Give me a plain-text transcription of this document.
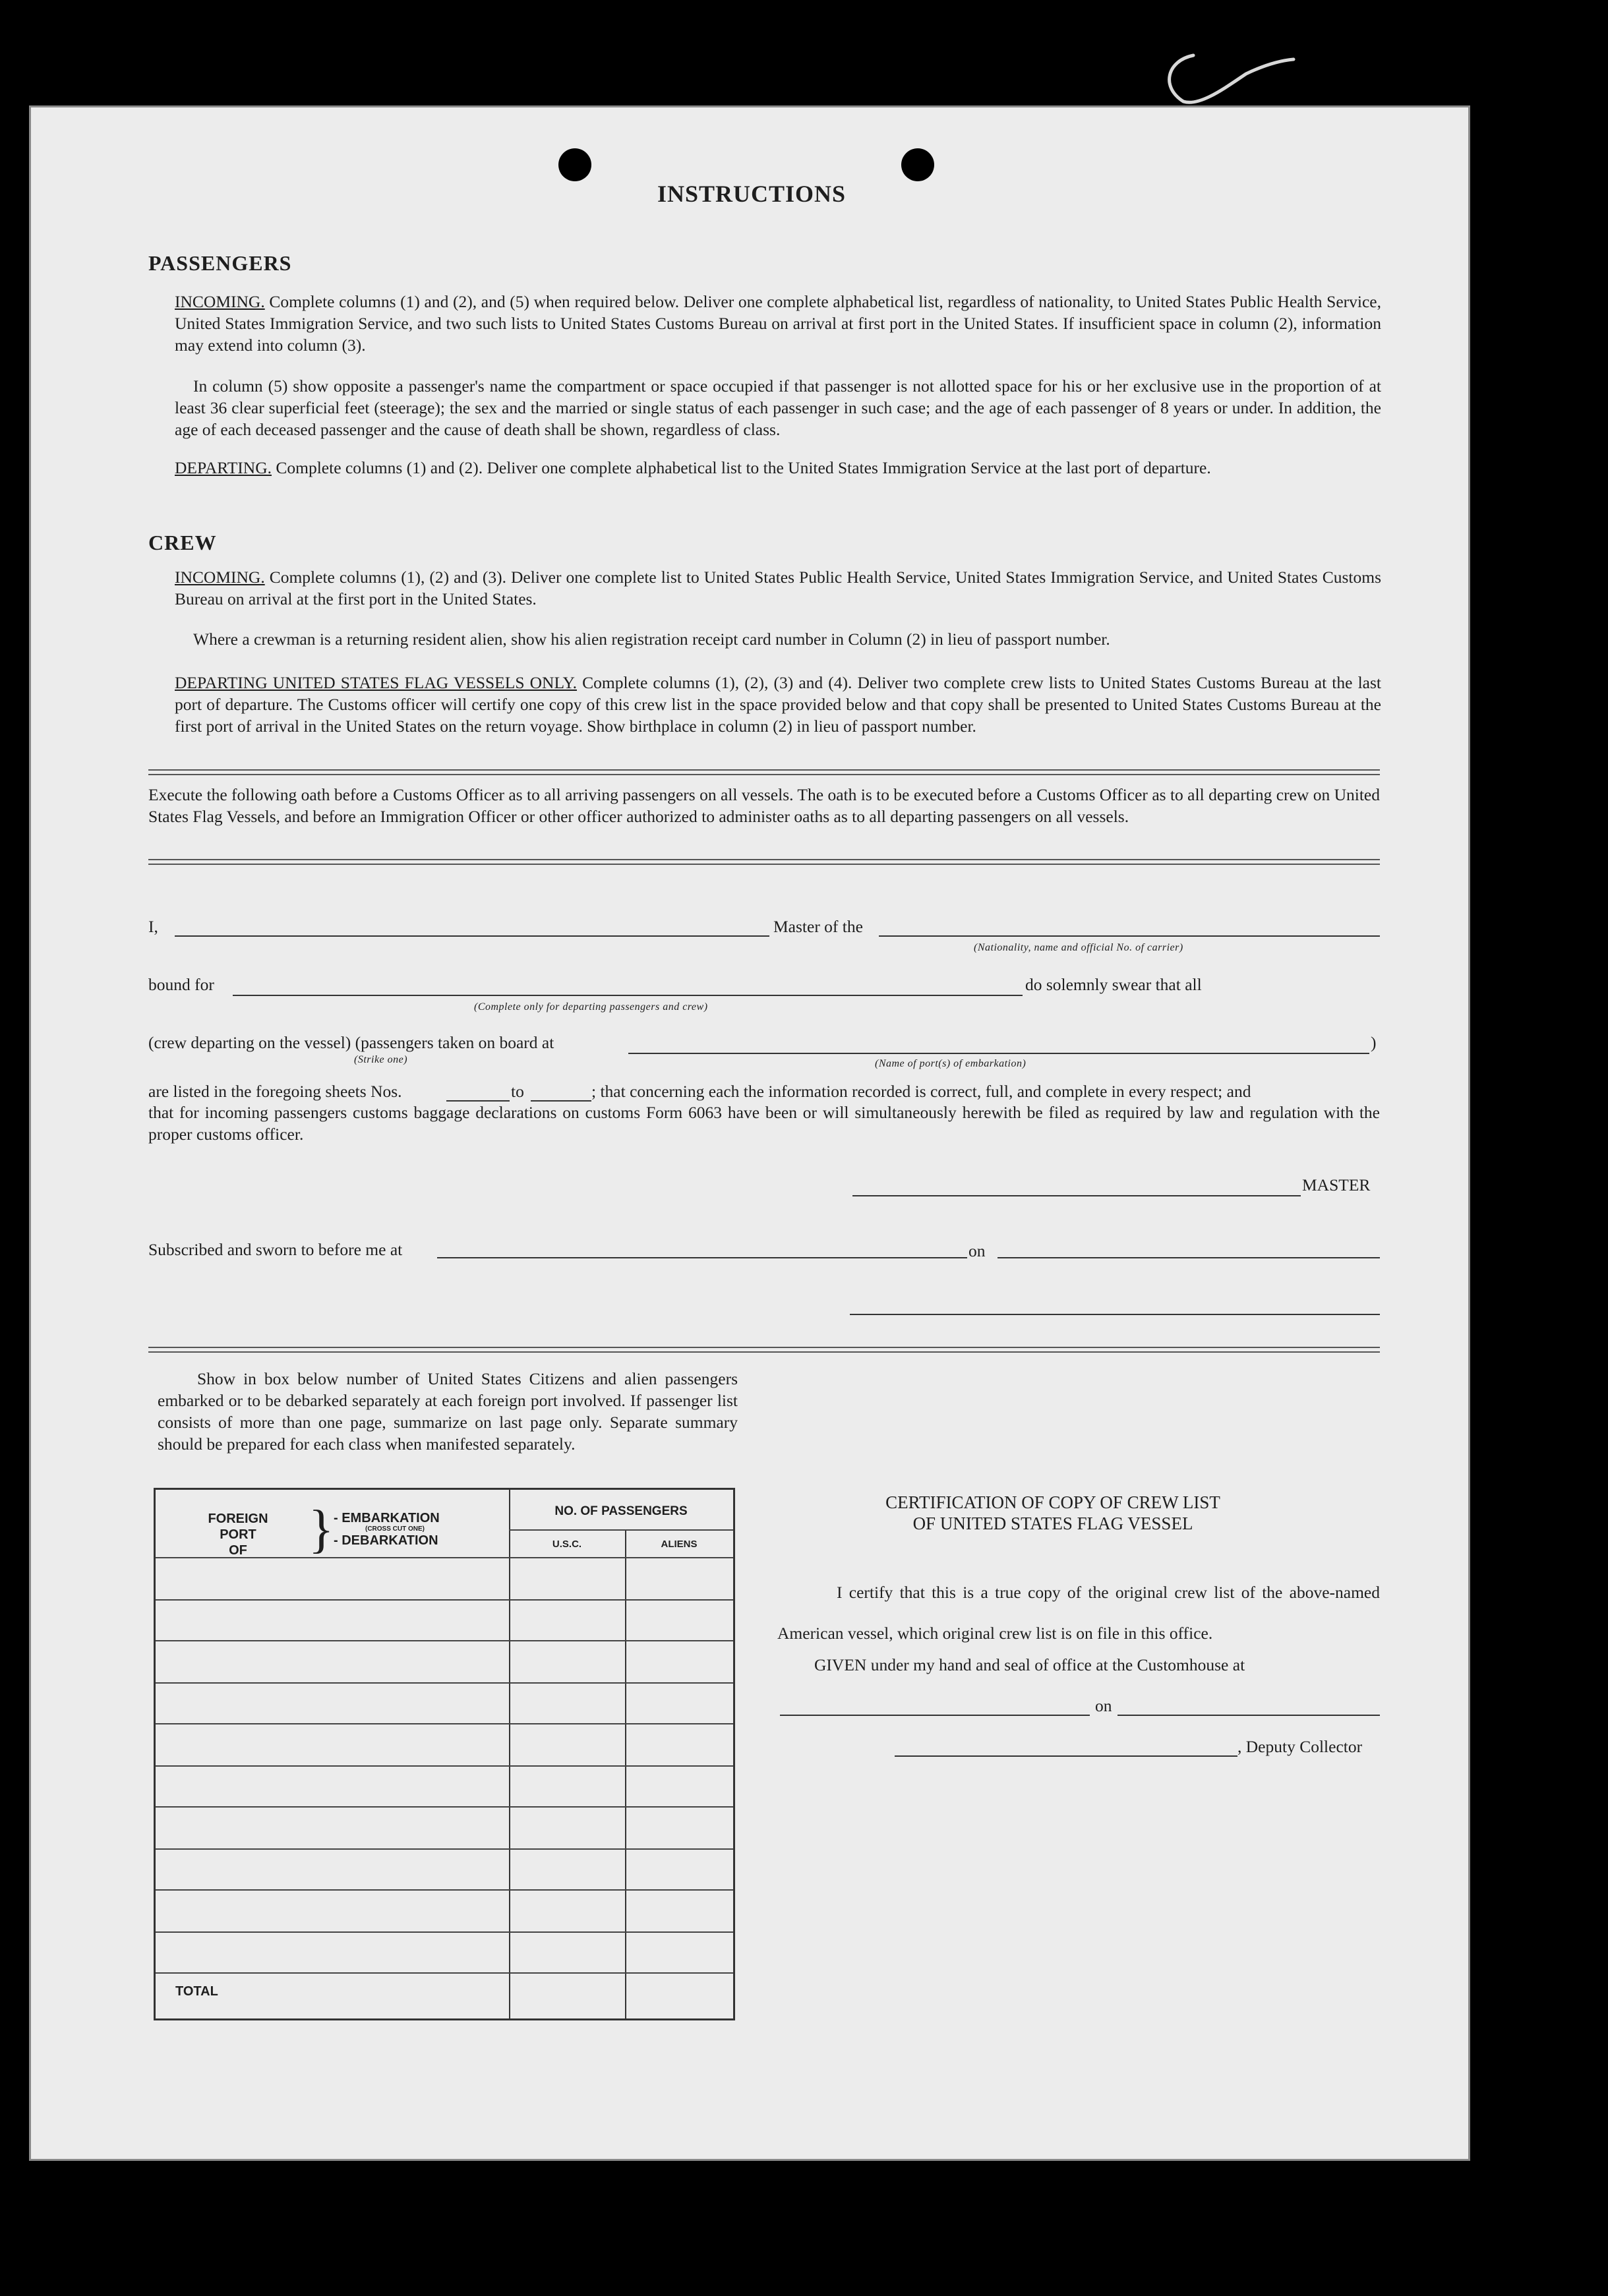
INSTRUCTIONS
PASSENGERS
INCOMING. Complete columns (1) and (2), and (5) when required below. Deliver one complete alphabetical list, regardless of nationality, to United States Public Health Service, United States Immigration Service, and two such lists to United States Customs Bureau on arrival at first port in the United States. If insufficient space in column (2), information may extend into column (3).
In column (5) show opposite a passenger's name the compartment or space occupied if that passenger is not allotted space for his or her exclusive use in the proportion of at least 36 clear superficial feet (steerage); the sex and the married or single status of each passenger in such case; and the age of each passenger of 8 years or under. In addition, the age of each deceased passenger and the cause of death shall be shown, regardless of class.
DEPARTING. Complete columns (1) and (2). Deliver one complete alphabetical list to the United States Immigration Service at the last port of departure.
CREW
INCOMING. Complete columns (1), (2) and (3). Deliver one complete list to United States Public Health Service, United States Immigration Service, and United States Customs Bureau on arrival at the first port in the United States.
Where a crewman is a returning resident alien, show his alien registration receipt card number in Column (2) in lieu of passport number.
DEPARTING UNITED STATES FLAG VESSELS ONLY. Complete columns (1), (2), (3) and (4). Deliver two complete crew lists to United States Customs Bureau at the last port of departure. The Customs officer will certify one copy of this crew list in the space provided below and that copy shall be presented to United States Customs Bureau at the first port of arrival in the United States on the return voyage. Show birthplace in column (2) in lieu of passport number.
Execute the following oath before a Customs Officer as to all arriving passengers on all vessels. The oath is to be executed before a Customs Officer as to all departing crew on United States Flag Vessels, and before an Immigration Officer or other officer authorized to administer oaths as to all departing passengers on all vessels.
I,	Master of the
(Nationality, name and official No. of carrier)
bound for
(Complete only for departing passengers and crew)
do solemnly swear that all
(crew departing on the vessel) (passengers taken on board at
(Strike one)	(Name of port(s) of embarkation)
)
are listed in the foregoing sheets Nos.	to	; that concerning each the information recorded is correct, full, and complete in every respect; and
that for incoming passengers customs baggage declarations on customs Form 6063 have been or will simultaneously herewith be filed as required by law and regulation with the proper customs officer.
MASTER
Subscribed and sworn to before me at	on
Show in box below number of United States Citizens and alien passengers embarked or to be debarked separately at each foreign port involved. If passenger list consists of more than one page, summarize on last page only. Separate summary should be prepared for each class when manifested separately.
FOREIGN
PORT
OF	} - EMBARKATION
(CROSS CUT ONE)
- DEBARKATION
NO. OF PASSENGERS
U.S.C.	ALIENS
TOTAL
CERTIFICATION OF COPY OF CREW LIST
OF UNITED STATES FLAG VESSEL
I certify that this is a true copy of the original crew list of the above-named American vessel, which original crew list is on file in this office.
GIVEN under my hand and seal of office at the Customhouse at
on
, Deputy Collector
